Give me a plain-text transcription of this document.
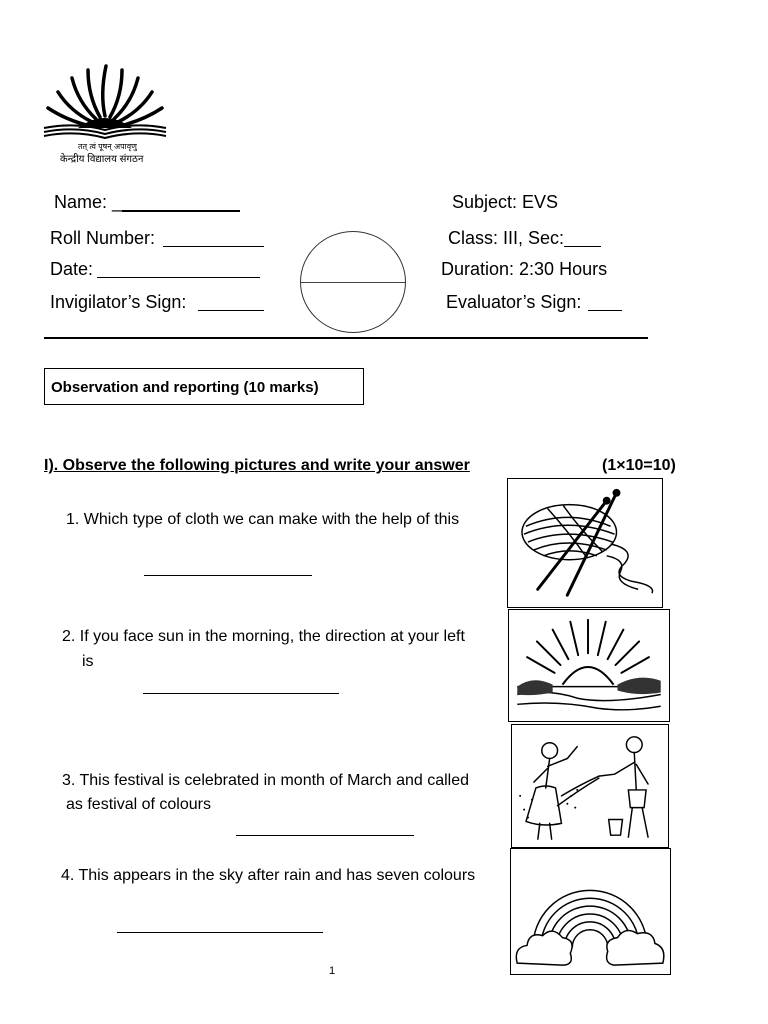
तत् त्वं पूषन् अपावृणु
केन्द्रीय विद्यालय संगठन
Name: _
Roll Number:
Date:
Invigilator’s Sign:
Subject: EVS
Class: III, Sec:
Duration: 2:30 Hours
Evaluator’s Sign:
Observation and reporting (10 marks)
I). Observe the following pictures and write your answer	(1×10=10)
1. Which type of cloth we can make with the help of this
2. If you face sun in the morning, the direction at your left
is
3. This festival is celebrated in month of March and called
as festival of colours
4. This appears in the sky after rain and has seven colours
1
